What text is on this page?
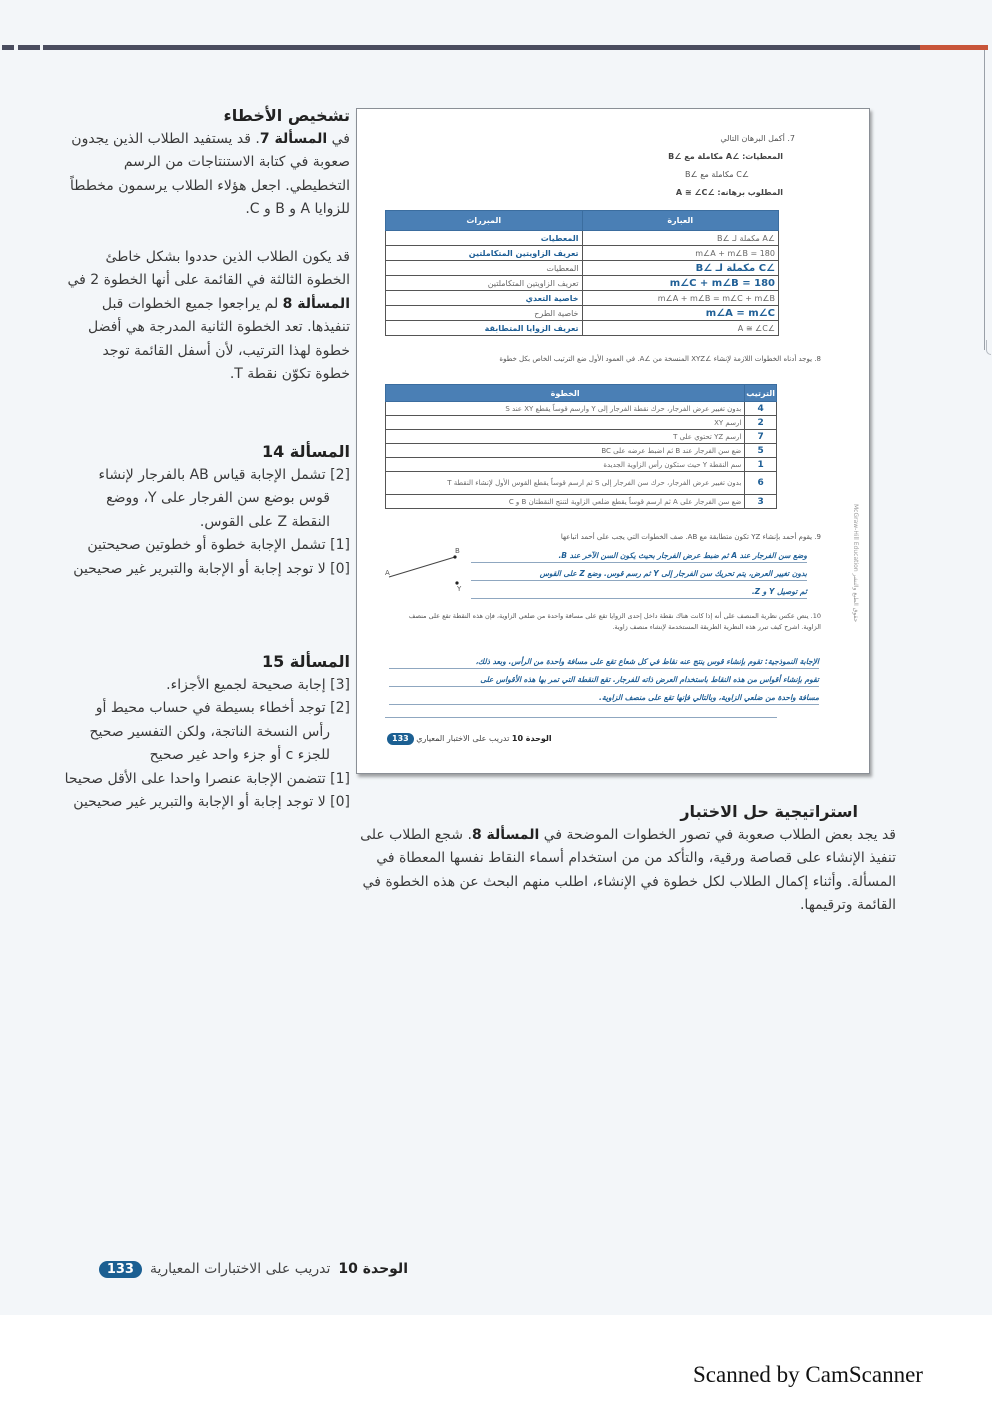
تشخيص الأخطاء
في المسألة 7. قد يستفيد الطلاب الذين يجدون صعوبة في كتابة الاستنتاجات من الرسم التخطيطي. اجعل هؤلاء الطلاب يرسمون مخططاً للزوايا A و B و C.
قد يكون الطلاب الذين حددوا بشكل خاطئ الخطوة الثالثة في القائمة على أنها الخطوة 2 في المسألة 8 لم يراجعوا جميع الخطوات قبل تنفيذها. تعد الخطوة الثانية المدرجة هي أفضل خطوة لهذا الترتيب، لأن أسفل القائمة توجد خطوة تكوّن نقطة T.
المسألة 14
[2] تشمل الإجابة قياس AB بالفرجار لإنشاء قوس بوضع سن الفرجار على Y، ووضع النقطة Z على القوس.
[1] تشمل الإجابة خطوة أو خطوتين صحيحتين
[0] لا توجد إجابة أو الإجابة والتبرير غير صحيحين
المسألة 15
[3] إجابة صحيحة لجميع الأجزاء.
[2] توجد أخطاء بسيطة في حساب محيط أو رأس النسخة الناتجة، ولكن التفسير صحيح للجزء c أو جزء واحد غير صحيح
[1] تتضمن الإجابة عنصرا واحدا على الأقل صحيحا
[0] لا توجد إجابة أو الإجابة والتبرير غير صحيحين
7. أكمل البرهان التالي
المعطيات: ∠A مكاملة مع ∠B
∠C مكاملة مع ∠B
المطلوب برهانه: ∠A ≅ ∠C
المبررات	العبارة
المعطيات	∠A مكملة لـ ∠B
تعريف الزاويتين المتكاملتين	m∠A + m∠B = 180
المعطيات	∠C مكملة لـ ∠B
تعريف الزاويتين المتكاملتين	m∠C + m∠B = 180
خاصية التعدي	m∠A + m∠B = m∠C + m∠B
خاصية الطرح	m∠A = m∠C
تعريف الزوايا المتطابقة	∠A ≅ ∠C
8. يوجد أدناه الخطوات اللازمة لإنشاء ∠XYZ المنسخة من ∠A. في العمود الأول ضع الترتيب الخاص بكل خطوة
الخطوة	الترتيب
بدون تغيير عرض الفرجار، حرك نقطة الفرجار إلى Y وارسم قوساً يقطع XY عند S	4
ارسم XY	2
ارسم YZ تحتوي على T	7
ضع سن الفرجار عند B ثم اضبط عرضه على BC	5
سم النقطة Y حيث ستكون رأس الزاوية الجديدة	1
بدون تغيير عرض الفرجار، حرك سن الفرجار إلى S ثم ارسم قوساً يقطع القوس الأول لإنشاء النقطة T	6
ضع سن الفرجار على A ثم ارسم قوساً يقطع ضلعي الزاوية لتنتج النقطتان B و C	3
9. يقوم أحمد بإنشاء YZ تكون متطابقة مع AB. صف الخطوات التي يجب على أحمد اتباعها
A
B
Y
وضع سن الفرجار عند A ثم ضبط عرض الفرجار بحيث يكون السن الآخر عند B.
بدون تغيير العرض، يتم تحريك سن الفرجار إلى Y ثم رسم قوس. وضع Z على القوس
ثم توصيل Y و Z.
10. ينص عكس نظرية المنصف على أنه إذا كانت هناك نقطة داخل إحدى الزوايا تقع على مسافة واحدة من ضلعي الزاوية، فإن هذه النقطة تقع على منصف الزاوية. اشرح كيف تبرر هذه النظرية الطريقة المستخدمة لإنشاء منصف زاوية.
الإجابة النموذجية: تقوم بإنشاء قوس ينتج عنه نقاط في كل شعاع تقع على مسافة واحدة من الرأس. وبعد ذلك،
تقوم بإنشاء أقواس من هذه النقاط باستخدام العرض ذاته للفرجار. تقع النقطة التي تمر بها هذه الأقواس على
مسافة واحدة من ضلعي الزاوية، وبالتالي فإنها تقع على منصف الزاوية.
الوحدة 10 تدريب على الاختبار المعياري 133
McGraw-Hill Education حقوق الطبع والنشر
استراتيجية حل الاختبار
قد يجد بعض الطلاب صعوبة في تصور الخطوات الموضحة في المسألة 8. شجع الطلاب على تنفيذ الإنشاء على قصاصة ورقية، والتأكد من من استخدام أسماء النقاط نفسها المعطاة في المسألة. وأثناء إكمال الطلاب لكل خطوة في الإنشاء، اطلب منهم البحث عن هذه الخطوة في القائمة وترقيمها.
الوحدة 10
تدريب على الاختبارات المعيارية
133
Scanned by CamScanner
